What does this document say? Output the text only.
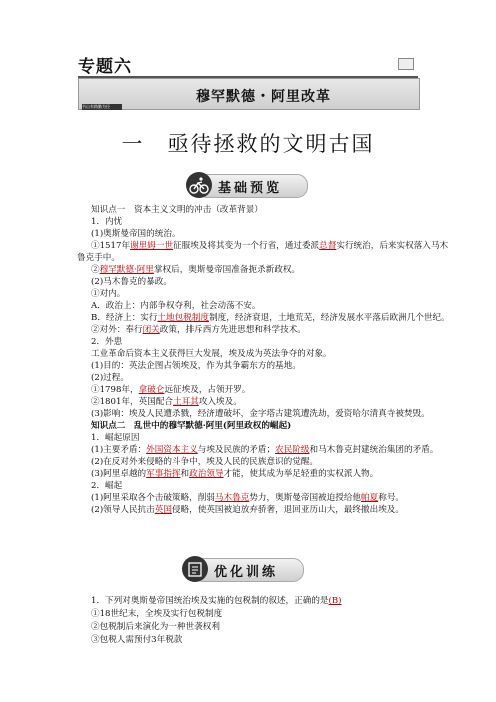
专题六
书山有路勤为径
穆罕默德・阿里改革
一　亟待拯救的文明古国
基础预览
知识点一　资本主义文明的冲击（改革背景）
1．内忧
(1)奥斯曼帝国的统治。
①1517年谢里姆一世征服埃及将其变为一个行省，通过委派总督实行统治，后来实权落入马木
鲁克手中。
②穆罕默德·阿里掌权后，奥斯曼帝国准备扼杀新政权。
(2)马木鲁克的暴政。
①对内。
A．政治上：内部争权夺利，社会动荡不安。
B．经济上：实行土地包税制度制度，经济衰退，土地荒芜，经济发展水平落后欧洲几个世纪。
②对外：奉行闭关政策，排斥西方先进思想和科学技术。
2．外患
工业革命后资本主义获得巨大发展，埃及成为英法争夺的对象。
(1)目的：英法企图占领埃及，作为其争霸东方的基地。
(2)过程。
①1798年，拿破仑远征埃及，占领开罗。
②1801年，英国配合土耳其攻入埃及。
(3)影响：埃及人民遭杀戮，经济遭破坏，金字塔古建筑遭洗劫，爱资哈尔清真寺被焚毁。
知识点二　乱世中的穆罕默德·阿里(阿里政权的崛起)
1．崛起原因
(1)主要矛盾：外国资本主义与埃及民族的矛盾；农民阶级和马木鲁克封建统治集团的矛盾。
(2)在反对外来侵略的斗争中，埃及人民的民族意识的觉醒。
(3)阿里卓越的军事指挥和政治领导才能，使其成为举足轻重的实权派人物。
2．崛起
(1)阿里采取各个击破策略，削弱马木鲁克势力，奥斯曼帝国被迫授给他帕夏称号。
(2)领导人民抗击英国侵略，使英国被迫放弃骄奢，退回亚历山大，最终撤出埃及。
1．下列对奥斯曼帝国统治埃及实施的包税制的叙述，正确的是(B)
①18世纪末，全埃及实行包税制度
②包税制后来演化为一种世袭权利
③包税人需预付3年税款
优化训练
